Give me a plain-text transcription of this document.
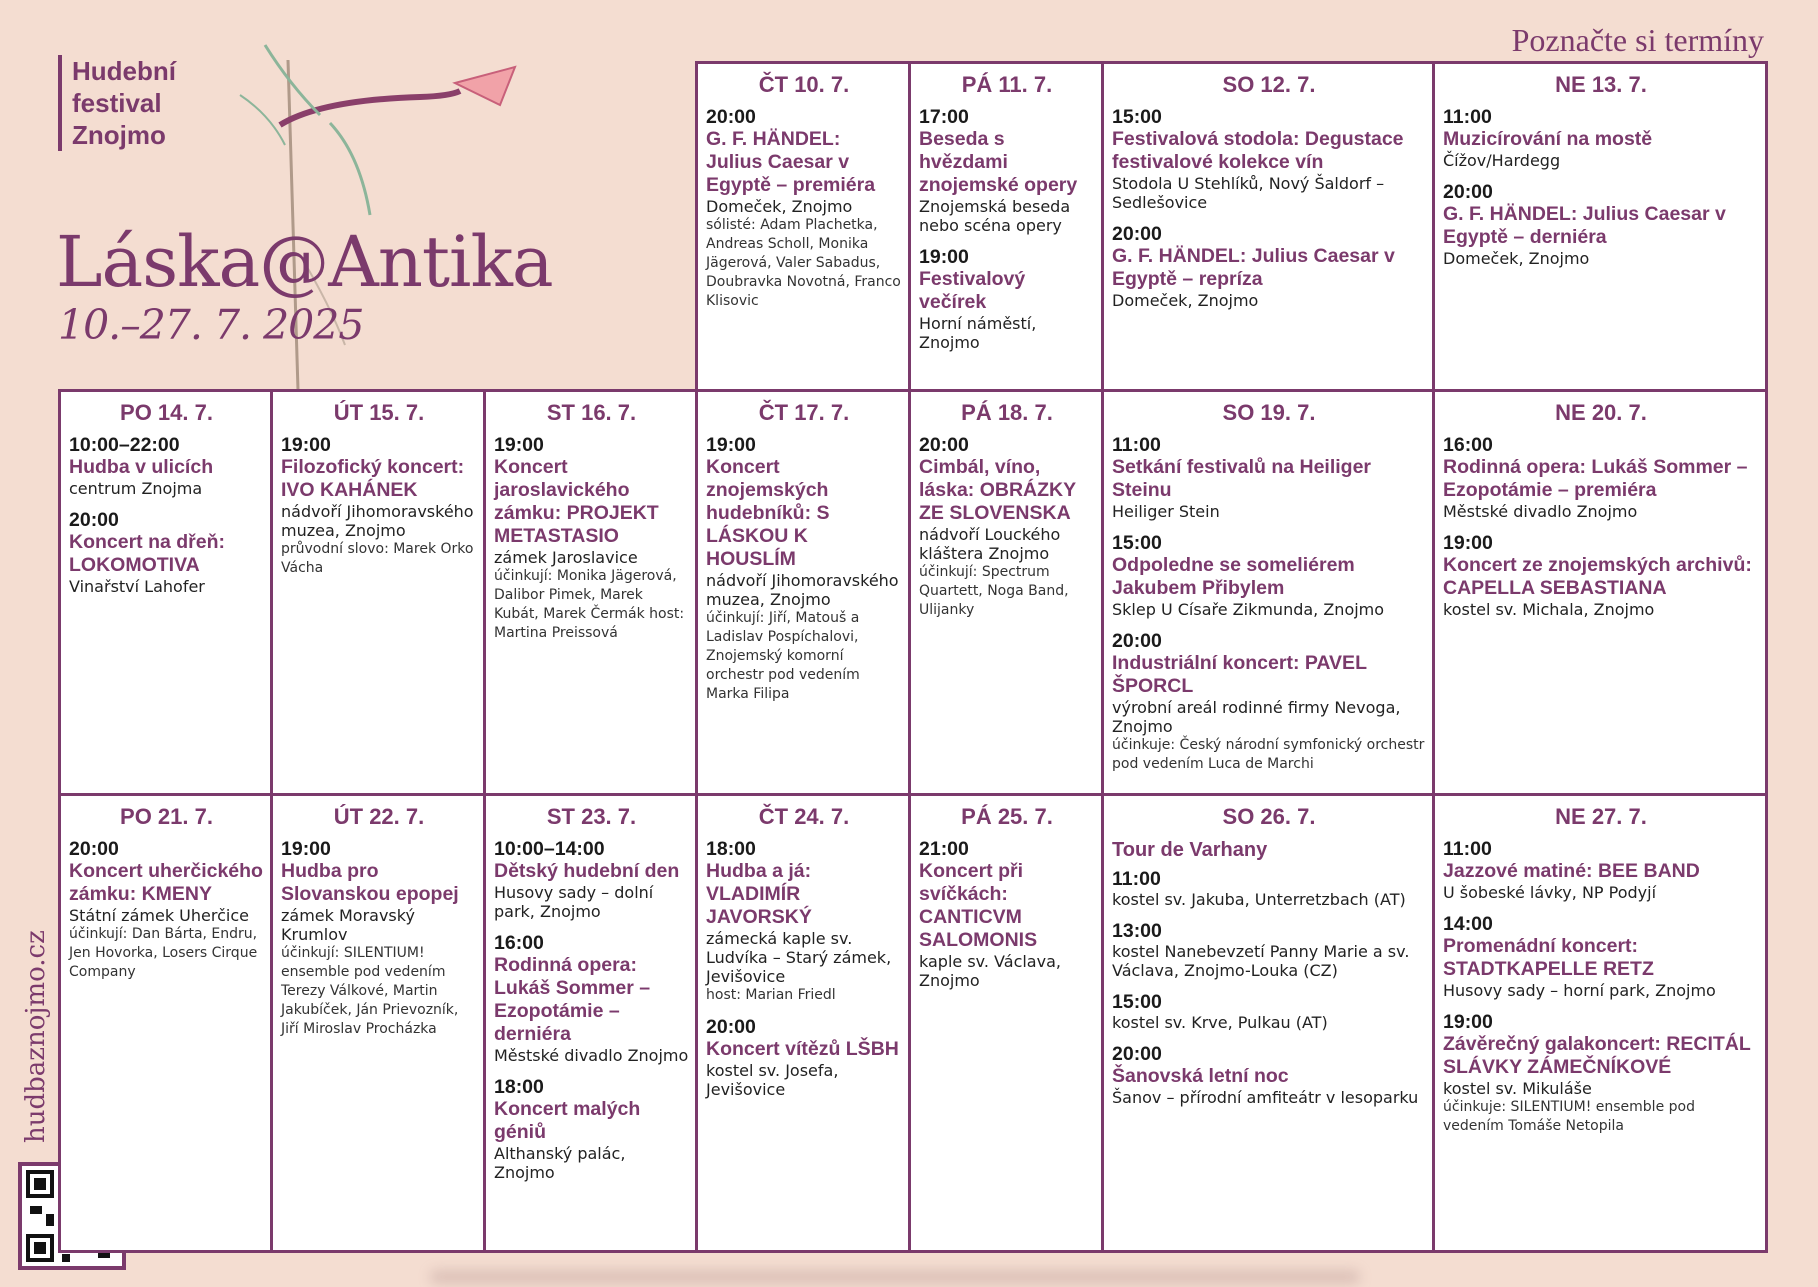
Hudební
festival
Znojmo
Láska@Antika
10.–27. 7. 2025
Poznačte si termíny
hudbaznojmo.cz
ČT 10. 7.
20:00
G. F. HÄNDEL: Julius Caesar v Egyptě – premiéra
Domeček, Znojmo
sólisté: Adam Plachetka, Andreas Scholl, Monika Jägerová, Valer Sabadus, Doubravka Novotná, Franco Klisovic
PÁ 11. 7.
17:00
Beseda s hvězdami znojemské opery
Znojemská beseda nebo scéna opery
19:00
Festivalový večírek
Horní náměstí, Znojmo
SO 12. 7.
15:00
Festivalová stodola: Degustace festivalové kolekce vín
Stodola U Stehlíků, Nový Šaldorf – Sedlešovice
20:00
G. F. HÄNDEL: Julius Caesar v Egyptě – repríza
Domeček, Znojmo
NE 13. 7.
11:00
Muzicírování na mostě
Čížov/Hardegg
20:00
G. F. HÄNDEL: Julius Caesar v Egyptě – derniéra
Domeček, Znojmo
PO 14. 7.
10:00–22:00
Hudba v ulicích
centrum Znojma
20:00
Koncert na dřeň: LOKOMOTIVA
Vinařství Lahofer
ÚT 15. 7.
19:00
Filozofický koncert: IVO KAHÁNEK
nádvoří Jihomoravského muzea, Znojmo
průvodní slovo: Marek Orko Vácha
ST 16. 7.
19:00
Koncert jaroslavického zámku: PROJEKT METASTASIO
zámek Jaroslavice
účinkují: Monika Jägerová, Dalibor Pimek, Marek Kubát, Marek Čermák host: Martina Preissová
ČT 17. 7.
19:00
Koncert znojemských hudebníků: S LÁSKOU K HOUSLÍM
nádvoří Jihomoravského muzea, Znojmo
účinkují: Jiří, Matouš a Ladislav Pospíchalovi, Znojemský komorní orchestr pod vedením Marka Filipa
PÁ 18. 7.
20:00
Cimbál, víno, láska: OBRÁZKY ZE SLOVENSKA
nádvoří Louckého kláštera Znojmo
účinkují: Spectrum Quartett, Noga Band, Ulijanky
SO 19. 7.
11:00
Setkání festivalů na Heiliger Steinu
Heiliger Stein
15:00
Odpoledne se someliérem Jakubem Přibylem
Sklep U Císaře Zikmunda, Znojmo
20:00
Industriální koncert: PAVEL ŠPORCL
výrobní areál rodinné firmy Nevoga, Znojmo
účinkuje: Český národní symfonický orchestr pod vedením Luca de Marchi
NE 20. 7.
16:00
Rodinná opera: Lukáš Sommer – Ezopotámie – premiéra
Městské divadlo Znojmo
19:00
Koncert ze znojemských archivů: CAPELLA SEBASTIANA
kostel sv. Michala, Znojmo
PO 21. 7.
20:00
Koncert uherčického zámku: KMENY
Státní zámek Uherčice
účinkují: Dan Bárta, Endru, Jen Hovorka, Losers Cirque Company
ÚT 22. 7.
19:00
Hudba pro Slovanskou epopej
zámek Moravský Krumlov
účinkují: SILENTIUM! ensemble pod vedením Terezy Válkové, Martin Jakubíček, Ján Prievozník, Jiří Miroslav Procházka
ST 23. 7.
10:00–14:00
Dětský hudební den
Husovy sady – dolní park, Znojmo
16:00
Rodinná opera: Lukáš Sommer – Ezopotámie – derniéra
Městské divadlo Znojmo
18:00
Koncert malých géniů
Althanský palác, Znojmo
ČT 24. 7.
18:00
Hudba a já: VLADIMÍR JAVORSKÝ
zámecká kaple sv. Ludvíka – Starý zámek, Jevišovice
host: Marian Friedl
20:00
Koncert vítězů LŠBH
kostel sv. Josefa, Jevišovice
PÁ 25. 7.
21:00
Koncert při svíčkách: CANTICVM SALOMONIS
kaple sv. Václava, Znojmo
SO 26. 7.
Tour de Varhany
11:00
kostel sv. Jakuba, Unterretzbach (AT)
13:00
kostel Nanebevzetí Panny Marie a sv. Václava, Znojmo-Louka (CZ)
15:00
kostel sv. Krve, Pulkau (AT)
20:00
Šanovská letní noc
Šanov – přírodní amfiteátr v lesoparku
NE 27. 7.
11:00
Jazzové matiné: BEE BAND
U šobeské lávky, NP Podyjí
14:00
Promenádní koncert: STADTKAPELLE RETZ
Husovy sady – horní park, Znojmo
19:00
Závěrečný galakoncert: RECITÁL SLÁVKY ZÁMEČNÍKOVÉ
kostel sv. Mikuláše
účinkuje: SILENTIUM! ensemble pod vedením Tomáše Netopila
